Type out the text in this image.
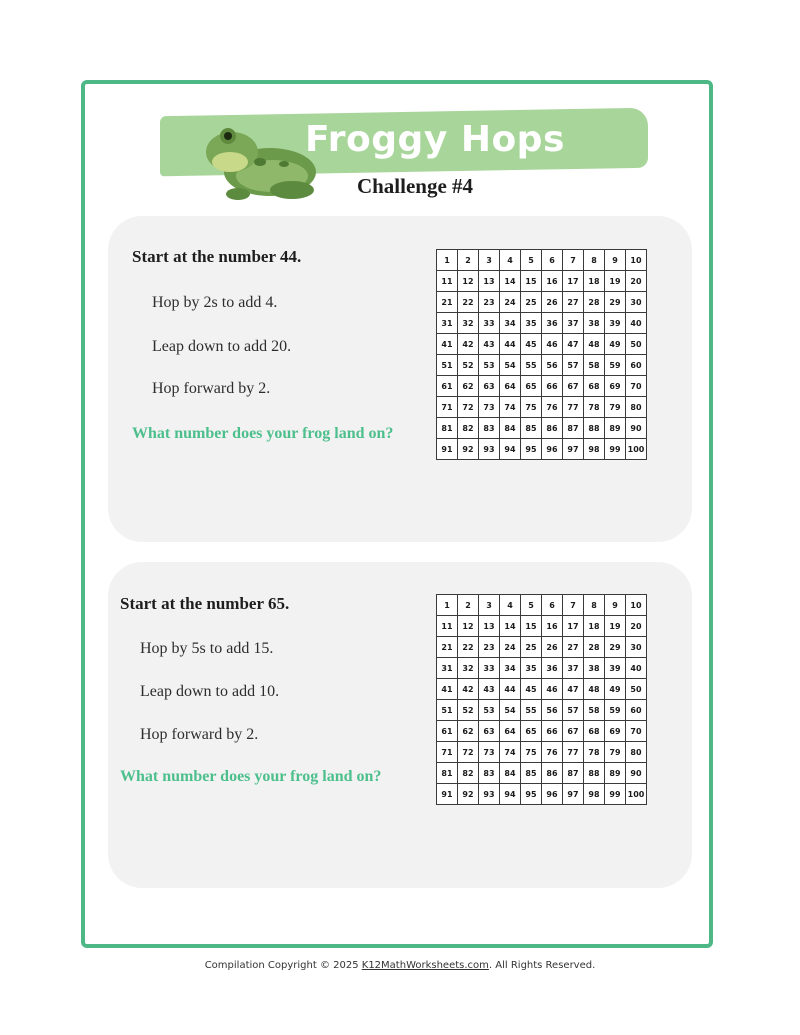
Froggy Hops
Challenge #4
Start at the number 44.
Hop by 2s to add 4.
Leap down to add 20.
Hop forward by 2.
What number does your frog land on?
1	2	3	4	5	6	7	8	9	10
11	12	13	14	15	16	17	18	19	20
21	22	23	24	25	26	27	28	29	30
31	32	33	34	35	36	37	38	39	40
41	42	43	44	45	46	47	48	49	50
51	52	53	54	55	56	57	58	59	60
61	62	63	64	65	66	67	68	69	70
71	72	73	74	75	76	77	78	79	80
81	82	83	84	85	86	87	88	89	90
91	92	93	94	95	96	97	98	99	100
Start at the number 65.
Hop by 5s to add 15.
Leap down to add 10.
Hop forward by 2.
What number does your frog land on?
1	2	3	4	5	6	7	8	9	10
11	12	13	14	15	16	17	18	19	20
21	22	23	24	25	26	27	28	29	30
31	32	33	34	35	36	37	38	39	40
41	42	43	44	45	46	47	48	49	50
51	52	53	54	55	56	57	58	59	60
61	62	63	64	65	66	67	68	69	70
71	72	73	74	75	76	77	78	79	80
81	82	83	84	85	86	87	88	89	90
91	92	93	94	95	96	97	98	99	100
Compilation Copyright © 2025 K12MathWorksheets.com. All Rights Reserved.
